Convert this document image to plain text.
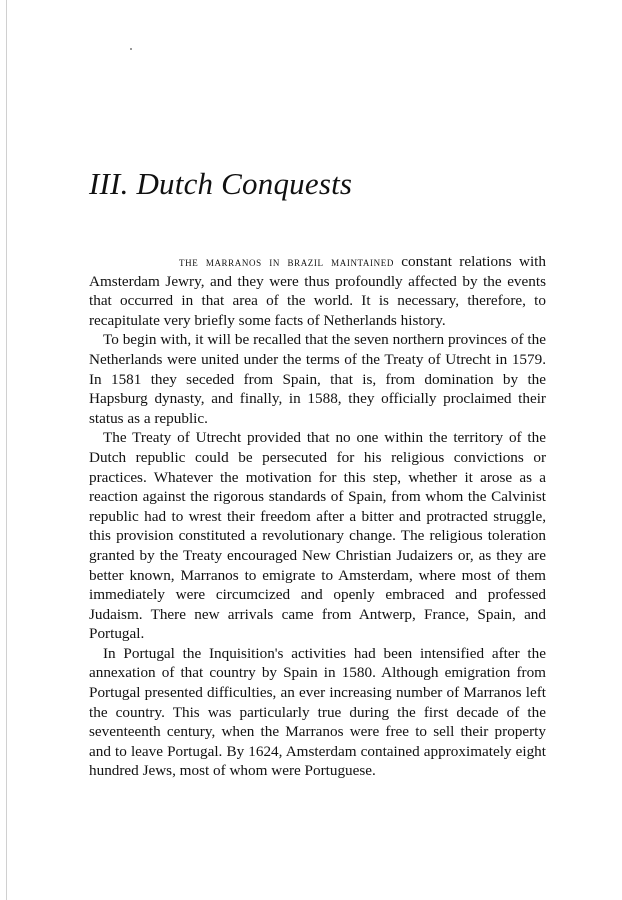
III. Dutch Conquests

the marranos in brazil maintained constant relations with Amsterdam Jewry, and they were thus profoundly affected by the events that occurred in that area of the world. It is necessary, therefore, to recapitulate very briefly some facts of Netherlands history.

To begin with, it will be recalled that the seven northern provinces of the Netherlands were united under the terms of the Treaty of Utrecht in 1579. In 1581 they seceded from Spain, that is, from domination by the Hapsburg dynasty, and finally, in 1588, they officially proclaimed their status as a republic.

The Treaty of Utrecht provided that no one within the territory of the Dutch republic could be persecuted for his religious convictions or practices. Whatever the motivation for this step, whether it arose as a reaction against the rigorous standards of Spain, from whom the Calvinist republic had to wrest their freedom after a bitter and protracted struggle, this provision constituted a revolutionary change. The religious toleration granted by the Treaty encouraged New Christian Judaizers or, as they are better known, Marranos to emigrate to Amsterdam, where most of them immediately were circumcized and openly embraced and professed Judaism. There new arrivals came from Antwerp, France, Spain, and Portugal.

In Portugal the Inquisition's activities had been intensified after the annexation of that country by Spain in 1580. Although emigration from Portugal presented difficulties, an ever increasing number of Marranos left the country. This was particularly true during the first decade of the seventeenth century, when the Marranos were free to sell their property and to leave Portugal. By 1624, Amsterdam contained approximately eight hundred Jews, most of whom were Portuguese.
